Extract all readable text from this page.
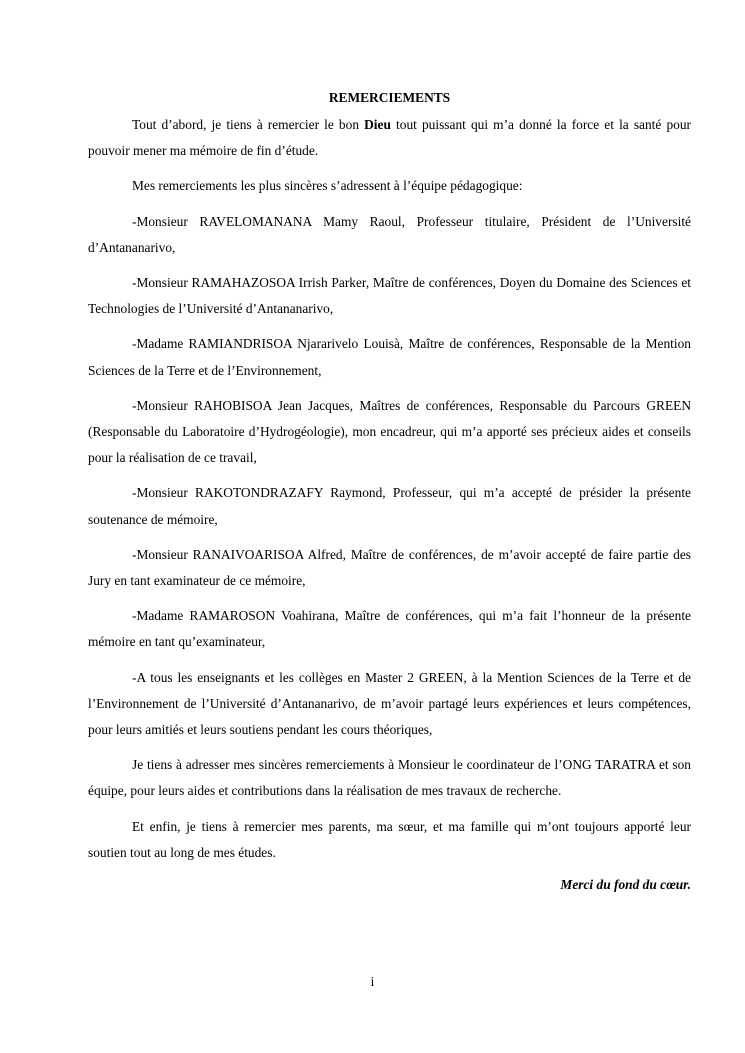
REMERCIEMENTS

Tout d’abord, je tiens à remercier le bon Dieu tout puissant qui m’a donné la force et la santé pour pouvoir mener ma mémoire de fin d’étude.

Mes remerciements les plus sincères s’adressent à l’équipe pédagogique:

-Monsieur RAVELOMANANA Mamy Raoul, Professeur titulaire, Président de l’Université d’Antananarivo,

-Monsieur RAMAHAZOSOA Irrish Parker, Maître de conférences, Doyen du Domaine des Sciences et Technologies de l’Université d’Antananarivo,

-Madame RAMIANDRISOA Njararivelo Louisà, Maître de conférences, Responsable de la Mention Sciences de la Terre et de l’Environnement,

-Monsieur RAHOBISOA Jean Jacques, Maîtres de conférences, Responsable du Parcours GREEN (Responsable du Laboratoire d’Hydrogéologie), mon encadreur, qui m’a apporté ses précieux aides et conseils pour la réalisation de ce travail,

-Monsieur RAKOTONDRAZAFY Raymond, Professeur, qui m’a accepté de présider la présente soutenance de mémoire,

-Monsieur RANAIVOARISOA Alfred, Maître de conférences, de m’avoir accepté de faire partie des Jury en tant examinateur de ce mémoire,

-Madame RAMAROSON Voahirana, Maître de conférences, qui m’a fait l’honneur de la présente mémoire en tant qu’examinateur,

-A tous les enseignants et les collèges en Master 2 GREEN, à la Mention Sciences de la Terre et de l’Environnement de l’Université d’Antananarivo, de m’avoir partagé leurs expériences et leurs compétences, pour leurs amitiés et leurs soutiens pendant les cours théoriques,

Je tiens à adresser mes sincères remerciements à Monsieur le coordinateur de l’ONG TARATRA et son équipe, pour leurs aides et contributions dans la réalisation de mes travaux de recherche.

Et enfin, je tiens à remercier mes parents, ma sœur, et ma famille qui m’ont toujours apporté leur soutien tout au long de mes études.

Merci du fond du cœur.
i
